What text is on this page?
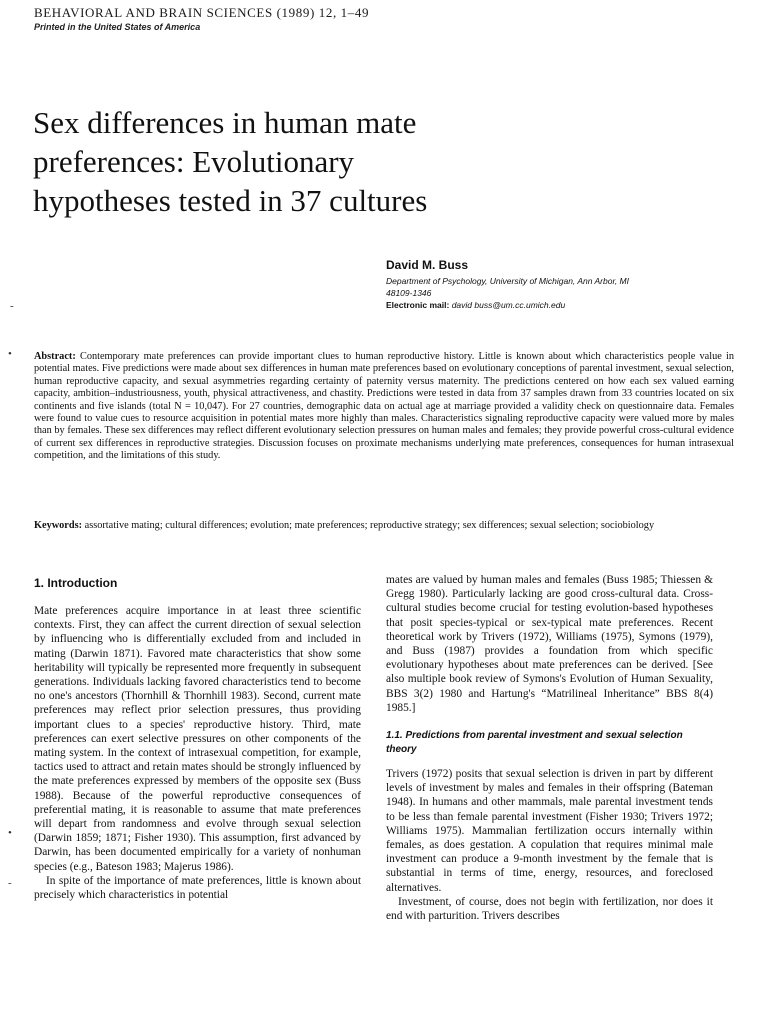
BEHAVIORAL AND BRAIN SCIENCES (1989) 12, 1–49
Printed in the United States of America
Sex differences in human mate
preferences: Evolutionary
hypotheses tested in 37 cultures
David M. Buss
Department of Psychology, University of Michigan, Ann Arbor, MI
48109-1346
Electronic mail: david buss@um.cc.umich.edu
-
•
•
-
Abstract: Contemporary mate preferences can provide important clues to human reproductive history. Little is known about which characteristics people value in potential mates. Five predictions were made about sex differences in human mate preferences based on evolutionary conceptions of parental investment, sexual selection, human reproductive capacity, and sexual asymmetries regarding certainty of paternity versus maternity. The predictions centered on how each sex valued earning capacity, ambition–industriousness, youth, physical attractiveness, and chastity. Predictions were tested in data from 37 samples drawn from 33 countries located on six continents and five islands (total N = 10,047). For 27 countries, demographic data on actual age at marriage provided a validity check on questionnaire data. Females were found to value cues to resource acquisition in potential mates more highly than males. Characteristics signaling reproductive capacity were valued more by males than by females. These sex differences may reflect different evolutionary selection pressures on human males and females; they provide powerful cross-cultural evidence of current sex differences in reproductive strategies. Discussion focuses on proximate mechanisms underlying mate preferences, consequences for human intrasexual competition, and the limitations of this study.
Keywords: assortative mating; cultural differences; evolution; mate preferences; reproductive strategy; sex differences; sexual selection; sociobiology
1. Introduction

Mate preferences acquire importance in at least three scientific contexts. First, they can affect the current direction of sexual selection by influencing who is differentially excluded from and included in mating (Darwin 1871). Favored mate characteristics that show some heritability will typically be represented more frequently in subsequent generations. Individuals lacking favored characteristics tend to become no one's ancestors (Thornhill & Thornhill 1983). Second, current mate preferences may reflect prior selection pressures, thus providing important clues to a species' reproductive history. Third, mate preferences can exert selective pressures on other components of the mating system. In the context of intrasexual competition, for example, tactics used to attract and retain mates should be strongly influenced by the mate preferences expressed by members of the opposite sex (Buss 1988). Because of the powerful reproductive consequences of preferential mating, it is reasonable to assume that mate preferences will depart from randomness and evolve through sexual selection (Darwin 1859; 1871; Fisher 1930). This assumption, first advanced by Darwin, has been documented empirically for a variety of nonhuman species (e.g., Bateson 1983; Majerus 1986).

In spite of the importance of mate preferences, little is known about precisely which characteristics in potential

mates are valued by human males and females (Buss 1985; Thiessen & Gregg 1980). Particularly lacking are good cross-cultural data. Cross-cultural studies become crucial for testing evolution-based hypotheses that posit species-typical or sex-typical mate preferences. Recent theoretical work by Trivers (1972), Williams (1975), Symons (1979), and Buss (1987) provides a foundation from which specific evolutionary hypotheses about mate preferences can be derived. [See also multiple book review of Symons's Evolution of Human Sexuality, BBS 3(2) 1980 and Hartung's “Matrilineal Inheritance” BBS 8(4) 1985.]

1.1. Predictions from parental investment and sexual selection theory

Trivers (1972) posits that sexual selection is driven in part by different levels of investment by males and females in their offspring (Bateman 1948). In humans and other mammals, male parental investment tends to be less than female parental investment (Fisher 1930; Trivers 1972; Williams 1975). Mammalian fertilization occurs internally within females, as does gestation. A copulation that requires minimal male investment can produce a 9-month investment by the female that is substantial in terms of time, energy, resources, and foreclosed alternatives.

Investment, of course, does not begin with fertilization, nor does it end with parturition. Trivers describes
